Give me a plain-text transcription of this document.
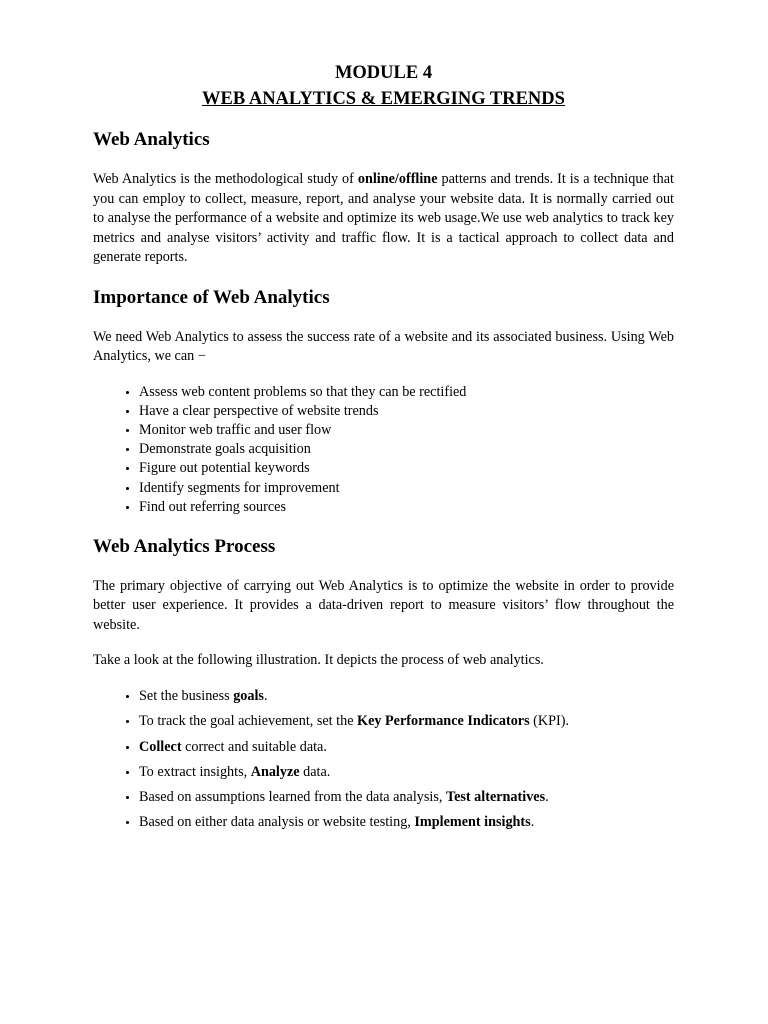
MODULE 4
WEB ANALYTICS & EMERGING TRENDS
Web Analytics

Web Analytics is the methodological study of online/offline patterns and trends. It is a technique that you can employ to collect, measure, report, and analyse your website data. It is normally carried out to analyse the performance of a website and optimize its web usage.We use web analytics to track key metrics and analyse visitors’ activity and traffic flow. It is a tactical approach to collect data and generate reports.

Importance of Web Analytics

We need Web Analytics to assess the success rate of a website and its associated business. Using Web Analytics, we can −

• Assess web content problems so that they can be rectified
• Have a clear perspective of website trends
• Monitor web traffic and user flow
• Demonstrate goals acquisition
• Figure out potential keywords
• Identify segments for improvement
• Find out referring sources
Web Analytics Process

The primary objective of carrying out Web Analytics is to optimize the website in order to provide better user experience. It provides a data-driven report to measure visitors’ flow throughout the website.

Take a look at the following illustration. It depicts the process of web analytics.

• Set the business goals.
• To track the goal achievement, set the Key Performance Indicators (KPI).
• Collect correct and suitable data.
• To extract insights, Analyze data.
• Based on assumptions learned from the data analysis, Test alternatives.
• Based on either data analysis or website testing, Implement insights.
